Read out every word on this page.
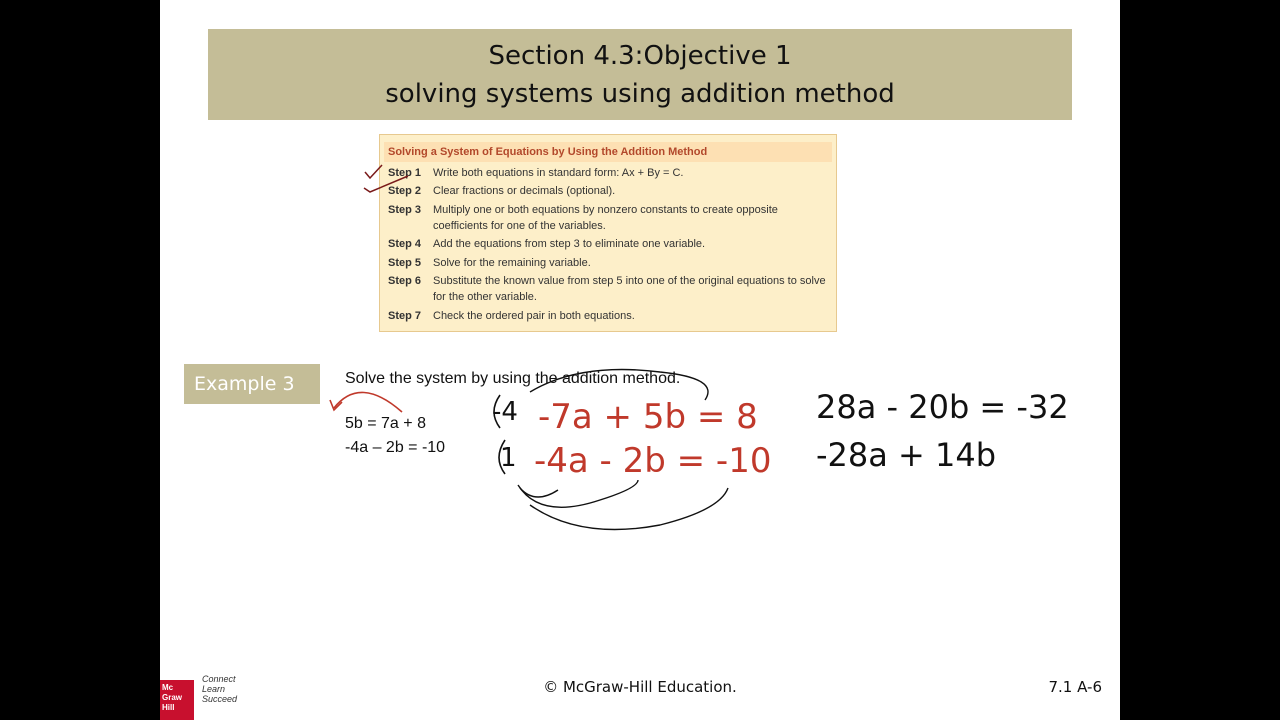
Section 4.3:Objective 1
solving systems using addition method
Solving a System of Equations by Using the Addition Method
Step 1	Write both equations in standard form: Ax + By = C.
Step 2	Clear fractions or decimals (optional).
Step 3	Multiply one or both equations by nonzero constants to create opposite coefficients for one of the variables.
Step 4	Add the equations from step 3 to eliminate one variable.
Step 5	Solve for the remaining variable.
Step 6	Substitute the known value from step 5 into one of the original equations to solve for the other variable.
Step 7	Check the ordered pair in both equations.
Example 3	Solve the system by using the addition method.
5b = 7a + 8
-4a – 2b = -10
-4
1
-7a + 5b = 8
-4a - 2b = -10
28a - 20b = -32
-28a + 14b
Mc Graw Hill
Connect
Learn
Succeed
© McGraw-Hill Education.	7.1 A-6
